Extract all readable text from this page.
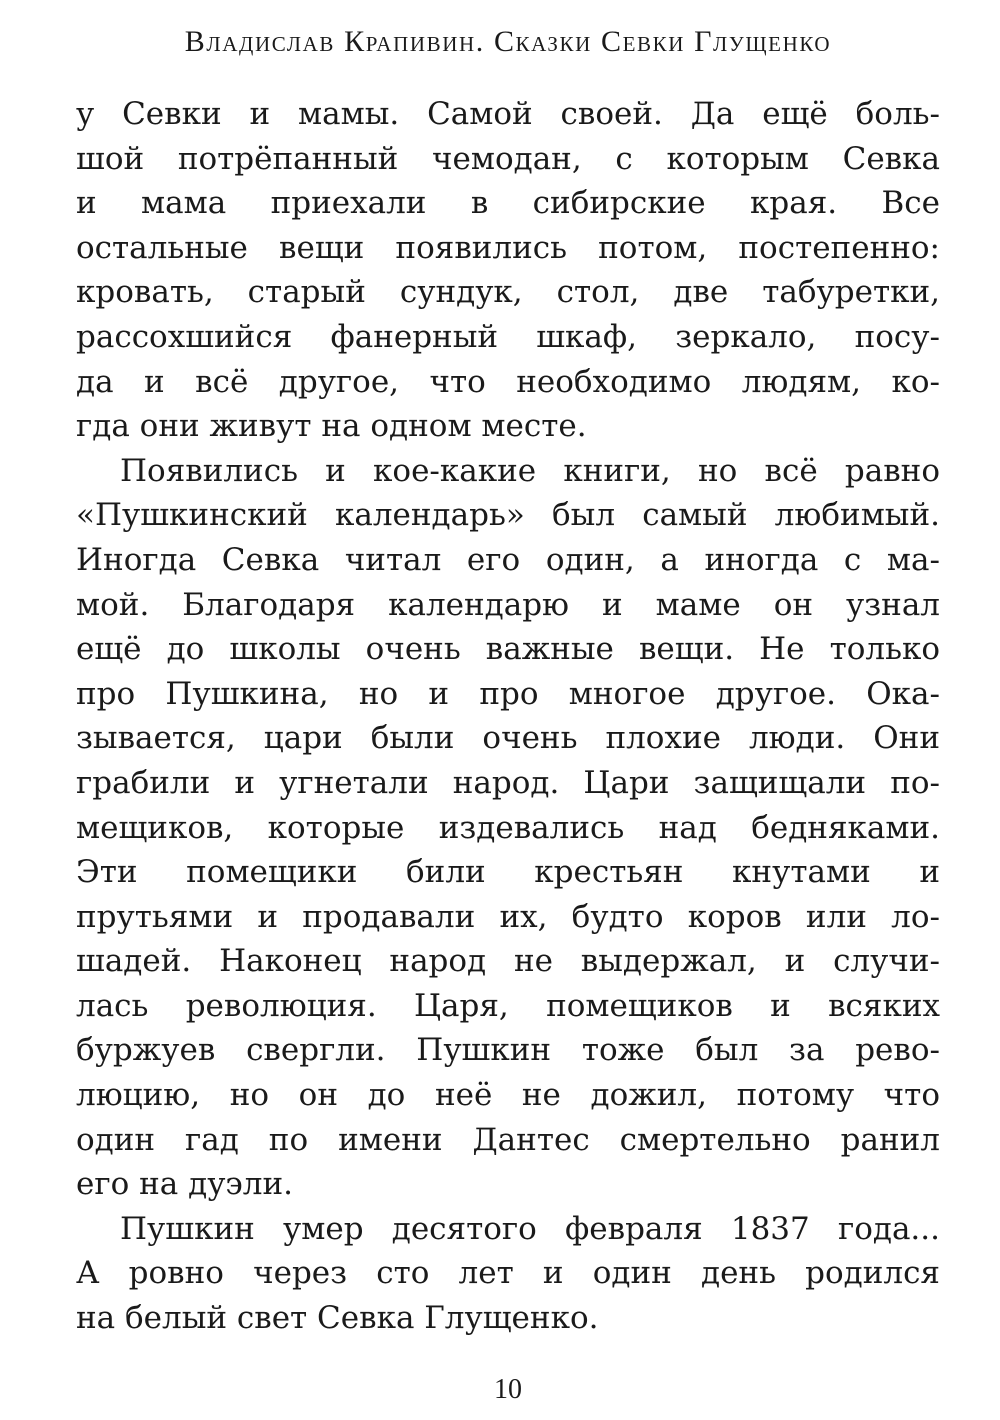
Владислав Крапивин. Сказки Севки Глущенко

у Севки и мамы. Самой своей. Да ещё боль-
шой потрёпанный чемодан, с которым Севка
и мама приехали в сибирские края. Все
остальные вещи появились потом, постепенно:
кровать, старый сундук, стол, две табуретки,
рассохшийся фанерный шкаф, зеркало, посу-
да и всё другое, что необходимо людям, ко-
гда они живут на одном месте.

Появились и кое-какие книги, но всё равно
«Пушкинский календарь» был самый любимый.
Иногда Севка читал его один, а иногда с ма-
мой. Благодаря календарю и маме он узнал
ещё до школы очень важные вещи. Не только
про Пушкина, но и про многое другое. Ока-
зывается, цари были очень плохие люди. Они
грабили и угнетали народ. Цари защищали по-
мещиков, которые издевались над бедняками.
Эти помещики били крестьян кнутами и
прутьями и продавали их, будто коров или ло-
шадей. Наконец народ не выдержал, и случи-
лась революция. Царя, помещиков и всяких
буржуев свергли. Пушкин тоже был за рево-
люцию, но он до неё не дожил, потому что
один гад по имени Дантес смертельно ранил
его на дуэли.

Пушкин умер десятого февраля 1837 года...
А ровно через сто лет и один день родился
на белый свет Севка Глущенко.

10
